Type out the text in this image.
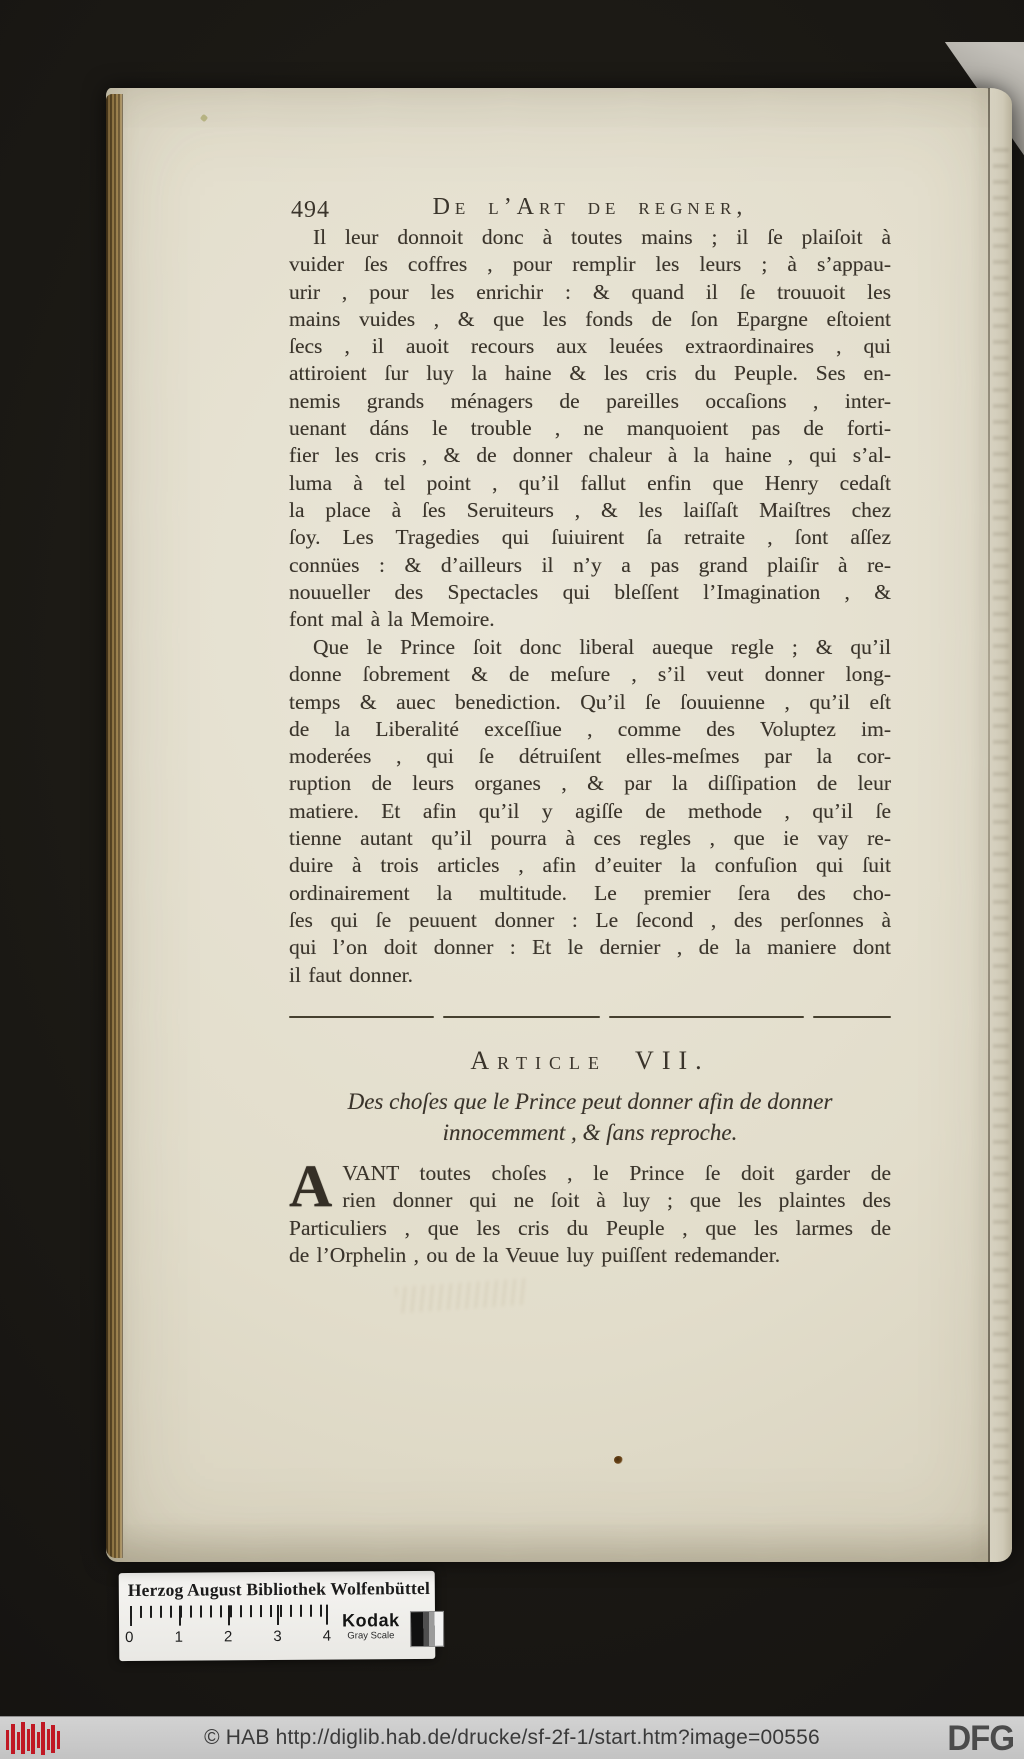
494	De l’Art de regner,
Il leur donnoit donc à toutes mains ; il ſe plaiſoit à
vuider ſes coffres , pour remplir les leurs ; à s’appau-
urir , pour les enrichir : & quand il ſe trouuoit les
mains vuides , & que les fonds de ſon Epargne eſtoient
ſecs , il auoit recours aux leuées extraordinaires , qui
attiroient ſur luy la haine & les cris du Peuple. Ses en-
nemis grands ménagers de pareilles occaſions , inter-
uenant dáns le trouble , ne manquoient pas de forti-
fier les cris , & de donner chaleur à la haine , qui s’al-
luma à tel point , qu’il fallut enfin que Henry cedaſt
la place à ſes Seruiteurs , & les laiſſaſt Maiſtres chez
ſoy. Les Tragedies qui ſuiuirent ſa retraite , ſont aſſez
connües : & d’ailleurs il n’y a pas grand plaiſir à re-
nouueller des Spectacles qui bleſſent l’Imagination , &
font mal à la Memoire.
Que le Prince ſoit donc liberal aueque regle ; & qu’il
donne ſobrement & de meſure , s’il veut donner long-
temps & auec benediction. Qu’il ſe ſouuienne , qu’il eſt
de la Liberalité exceſſiue , comme des Voluptez im-
moderées , qui ſe détruiſent elles-meſmes par la cor-
ruption de leurs organes , & par la diſſipation de leur
matiere. Et afin qu’il y agiſſe de methode , qu’il ſe
tienne autant qu’il pourra à ces regles , que ie vay re-
duire à trois articles , afin d’euiter la confuſion qui ſuit
ordinairement la multitude. Le premier ſera des cho-
ſes qui ſe peuuent donner : Le ſecond , des perſonnes à
qui l’on doit donner : Et le dernier , de la maniere dont
il faut donner.
Article VII.
Des choſes que le Prince peut donner afin de donner
innocemment , & ſans reproche.
A VANT toutes choſes , le Prince ſe doit garder de
rien donner qui ne ſoit à luy ; que les plaintes des
Particuliers , que les cris du Peuple , que les larmes de
de l’Orphelin , ou de la Veuue luy puiſſent redemander.
Herzog August Bibliothek Wolfenbüttel
0	1	2	3	4
Kodak
Gray Scale
© HAB http://diglib.hab.de/drucke/sf-2f-1/start.htm?image=00556	DFG
